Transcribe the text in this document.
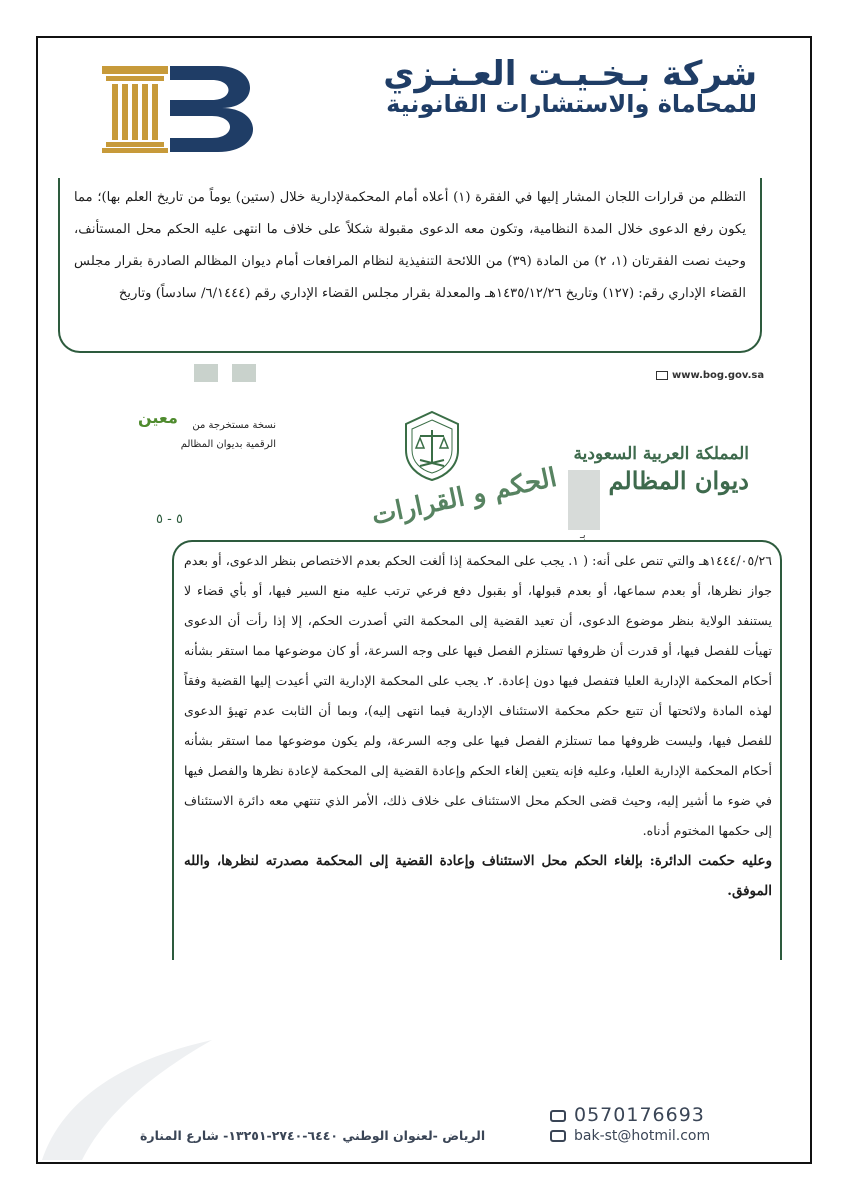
شركة بـخـيـت العـنـزي
للمحاماة والاستشارات القانونية
التظلم من قرارات اللجان المشار إليها في الفقرة (١) أعلاه أمام المحكمةلإدارية خلال (ستين) يوماً من تاريخ العلم بها)؛ مما يكون رفع الدعوى خلال المدة النظامية، وتكون معه الدعوى مقبولة شكلاً على خلاف ما انتهى عليه الحكم محل المستأنف، وحيث نصت الفقرتان (١، ٢) من المادة (٣٩) من اللائحة التنفيذية لنظام المرافعات أمام ديوان المظالم الصادرة بقرار مجلس القضاء الإداري رقم: (١٢٧) وتاريخ ١٤٣٥/١٢/٢٦هـ والمعدلة بقرار مجلس القضاء الإداري رقم (٦/١٤٤٤/ سادساً) وتاريخ
www.bog.gov.sa
معين	نسخة مستخرجة من
الرقمية بديوان المظالم
الحكم و القرارات
المملكة العربية السعودية
ديوان المظالم
٥ - ٥
بـ
١٤٤٤/٠٥/٢٦هـ والتي تنص على أنه: ( ١. يجب على المحكمة إذا ألغت الحكم بعدم الاختصاص بنظر الدعوى، أو بعدم جواز نظرها، أو بعدم سماعها، أو بعدم قبولها، أو بقبول دفع فرعي ترتب عليه منع السير فيها، أو بأي قضاء لا يستنفد الولاية بنظر موضوع الدعوى، أن تعيد القضية إلى المحكمة التي أصدرت الحكم، إلا إذا رأت أن الدعوى تهيأت للفصل فيها، أو قدرت أن ظروفها تستلزم الفصل فيها على وجه السرعة، أو كان موضوعها مما استقر بشأنه أحكام المحكمة الإدارية العليا فتفصل فيها دون إعادة. ٢. يجب على المحكمة الإدارية التي أعيدت إليها القضية وفقاً لهذه المادة ولائحتها أن تتبع حكم محكمة الاستئناف الإدارية فيما انتهى إليه)، وبما أن الثابت عدم تهيؤ الدعوى للفصل فيها، وليست ظروفها مما تستلزم الفصل فيها على وجه السرعة، ولم يكون موضوعها مما استقر بشأنه أحكام المحكمة الإدارية العليا، وعليه فإنه يتعين إلغاء الحكم وإعادة القضية إلى المحكمة لإعادة نظرها والفصل فيها في ضوء ما أشير إليه، وحيث قضى الحكم محل الاستئناف على خلاف ذلك، الأمر الذي تنتهي معه دائرة الاستئناف إلى حكمها المختوم أدناه.
وعليه حكمت الدائرة: بإلغاء الحكم محل الاستئناف وإعادة القضية إلى المحكمة مصدرته لنظرها، والله الموفق.
0570176693
bak-st@hotmil.com
الرياض -لعنوان الوطني ٦٤٤٠-٢٧٤٠-١٣٢٥١- شارع المنارة
